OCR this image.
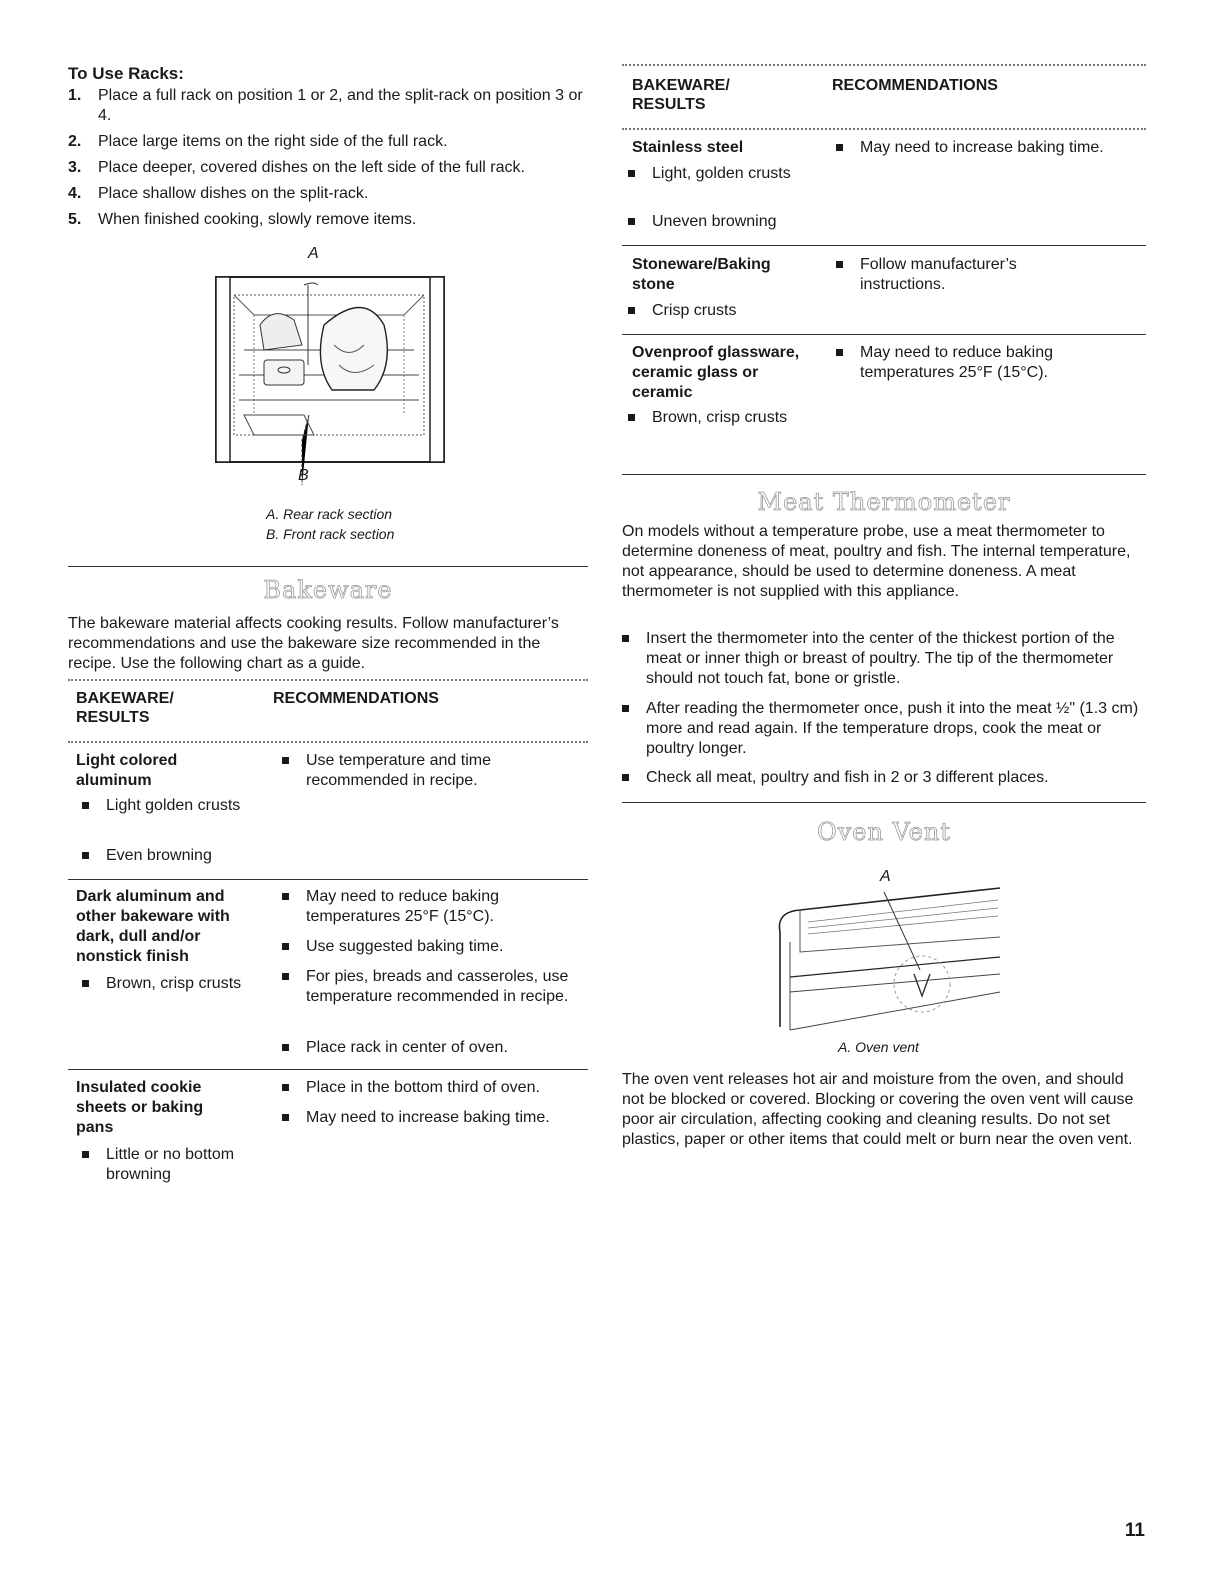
To Use Racks:
1. Place a full rack on position 1 or 2, and the split-rack on position 3 or 4.
2. Place large items on the right side of the full rack.
3. Place deeper, covered dishes on the left side of the full rack.
4. Place shallow dishes on the split-rack.
5. When finished cooking, slowly remove items.
A
B
A. Rear rack section
B. Front rack section
Bakeware

The bakeware material affects cooking results. Follow manufacturer’s recommendations and use the bakeware size recommended in the recipe. Use the following chart as a guide.

BAKEWARE/ RESULTS
RECOMMENDATIONS
Light colored aluminum
Light golden crusts
Even browning
Use temperature and time recommended in recipe.
Dark aluminum and other bakeware with dark, dull and/or nonstick finish
Brown, crisp crusts
May need to reduce baking temperatures 25°F (15°C).
Use suggested baking time.
For pies, breads and casseroles, use temperature recommended in recipe.
Place rack in center of oven.
Insulated cookie sheets or baking pans
Little or no bottom browning
Place in the bottom third of oven.
May need to increase baking time.
BAKEWARE/ RESULTS
RECOMMENDATIONS
Stainless steel
Light, golden crusts
Uneven browning
May need to increase baking time.
Stoneware/Baking stone
Crisp crusts
Follow manufacturer’s instructions.
Ovenproof glassware, ceramic glass or ceramic
Brown, crisp crusts
May need to reduce baking temperatures 25°F (15°C).
Meat Thermometer

On models without a temperature probe, use a meat thermometer to determine doneness of meat, poultry and fish. The internal temperature, not appearance, should be used to determine doneness. A meat thermometer is not supplied with this appliance.

Insert the thermometer into the center of the thickest portion of the meat or inner thigh or breast of poultry. The tip of the thermometer should not touch fat, bone or gristle.
After reading the thermometer once, push it into the meat ½" (1.3 cm) more and read again. If the temperature drops, cook the meat or poultry longer.
Check all meat, poultry and fish in 2 or 3 different places.
Oven Vent
A
A. Oven vent

The oven vent releases hot air and moisture from the oven, and should not be blocked or covered. Blocking or covering the oven vent will cause poor air circulation, affecting cooking and cleaning results. Do not set plastics, paper or other items that could melt or burn near the oven vent.

11
